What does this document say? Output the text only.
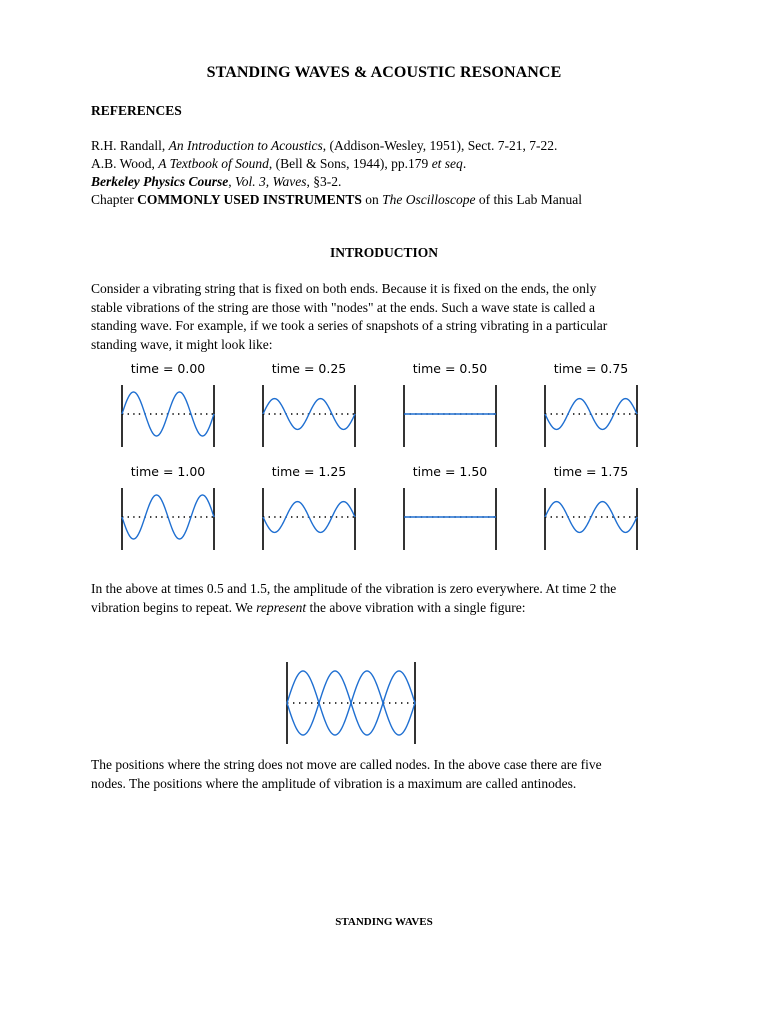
STANDING WAVES & ACOUSTIC RESONANCE
REFERENCES
R.H. Randall, An Introduction to Acoustics, (Addison-Wesley, 1951), Sect. 7-21, 7-22.
A.B. Wood, A Textbook of Sound, (Bell & Sons, 1944), pp.179 et seq.
Berkeley Physics Course, Vol. 3, Waves, §3-2.
Chapter COMMONLY USED INSTRUMENTS on The Oscilloscope of this Lab Manual
INTRODUCTION
Consider a vibrating string that is fixed on both ends. Because it is fixed on the ends, the only
stable vibrations of the string are those with "nodes" at the ends. Such a wave state is called a
standing wave. For example, if we took a series of snapshots of a string vibrating in a particular
standing wave, it might look like:
time = 0.00	time = 0.25	time = 0.50	time = 0.75
time = 1.00	time = 1.25	time = 1.50	time = 1.75
In the above at times 0.5 and 1.5, the amplitude of the vibration is zero everywhere. At time 2 the
vibration begins to repeat. We represent the above vibration with a single figure:
The positions where the string does not move are called nodes. In the above case there are five
nodes. The positions where the amplitude of vibration is a maximum are called antinodes.
STANDING WAVES
